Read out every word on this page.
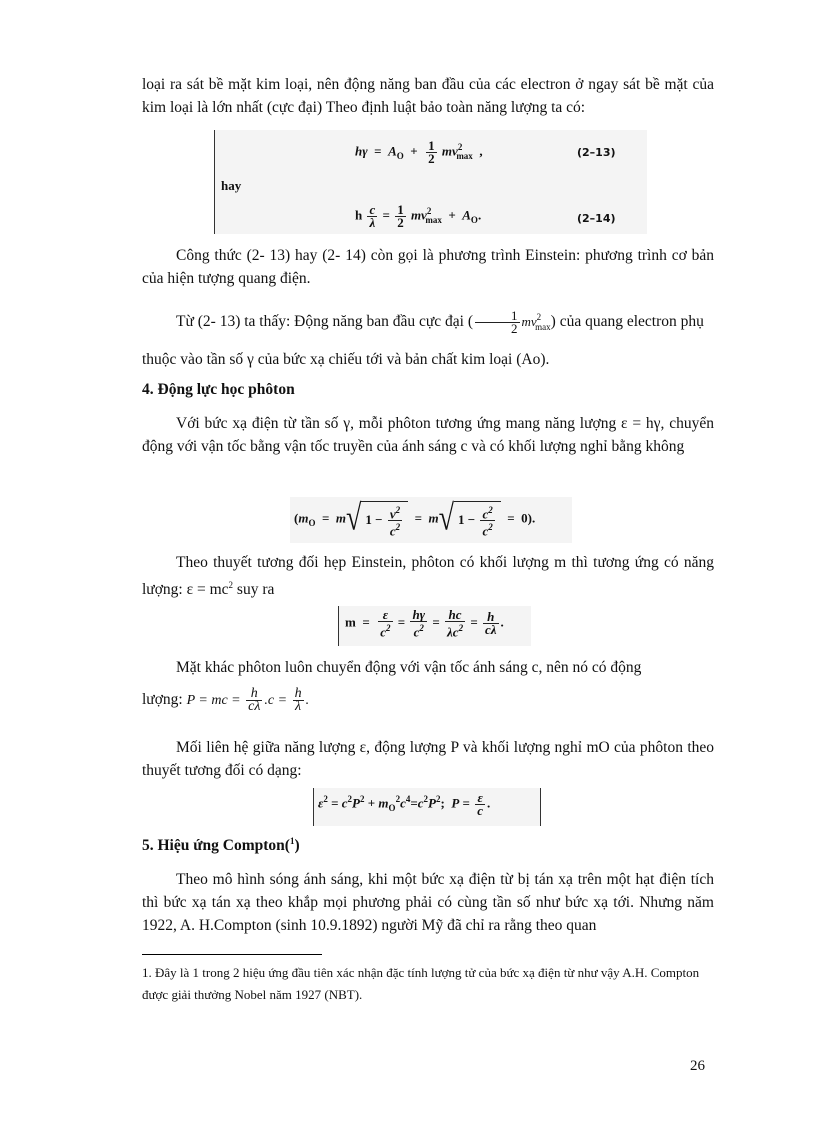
loại ra sát bề mặt kim loại, nên động năng ban đầu của các electron ở ngay sát bề mặt của kim loại là lớn nhất (cực đại) Theo định luật bảo toàn năng lượng ta có:

$h\gamma = A_O + \frac{1}{2} mv^2_{max}$  ,	(2–13)
hay
h $\frac{c}{\lambda} = \frac{1}{2} mv^2_{max} + A_O$.	(2–14)

Công thức (2- 13) hay (2- 14) còn gọi là phương trình Einstein: phương trình cơ bản của hiện tượng quang điện.

Từ (2- 13) ta thấy: Động năng ban đầu cực đại ( $\frac{1}{2} mv^2_{max}$) của quang electron phụ

thuộc vào tần số γ của bức xạ chiếu tới và bản chất kim loại (Ao).

4. Động lực học phôton

Với bức xạ điện từ tần số γ, mỗi phôton tương ứng mang năng lượng ε = hγ, chuyển động với vận tốc bằng vận tốc truyền của ánh sáng c và có khối lượng nghỉ bằng không

($m_O = m√$ $1 - \frac{v^2}{c^2} = m√$ $1 - \frac{c^2}{c^2} = 0$).
Theo thuyết tương đối hẹp Einstein, phôton có khối lượng m thì tương ứng có năng lượng: $\varepsilon = mc^2$ suy ra
$m = \frac{\varepsilon}{c^2} = \frac{h\gamma}{c^2} = \frac{hc}{\lambda c^2} = \frac{h}{c\lambda}$ .

Mặt khác phôton luôn chuyển động với vận tốc ánh sáng c, nên nó có động

lượng: P = mc = $\frac{h}{c\lambda} .c = \frac{h}{\lambda}$ .

Mối liên hệ giữa năng lượng ε, động lượng P và khối lượng nghỉ mO của phôton theo thuyết tương đối có dạng:

$\varepsilon^2 = c^2P^2 + m_O^2c^4=c^2P^2$;  $P = \frac{\varepsilon}{c}$ .
5. Hiệu ứng Compton($^1$)

Theo mô hình sóng ánh sáng, khi một bức xạ điện từ bị tán xạ trên một hạt điện tích thì bức xạ tán xạ theo khắp mọi phương phải có cùng tần số như bức xạ tới. Nhưng năm 1922, A. H.Compton (sinh 10.9.1892) người Mỹ đã chỉ ra rằng theo quan

1. Đây là 1 trong 2 hiệu ứng đầu tiên xác nhận đặc tính lượng tử của bức xạ điện từ như vậy A.H. Compton được giải thưởng Nobel năm 1927 (NBT).

26
